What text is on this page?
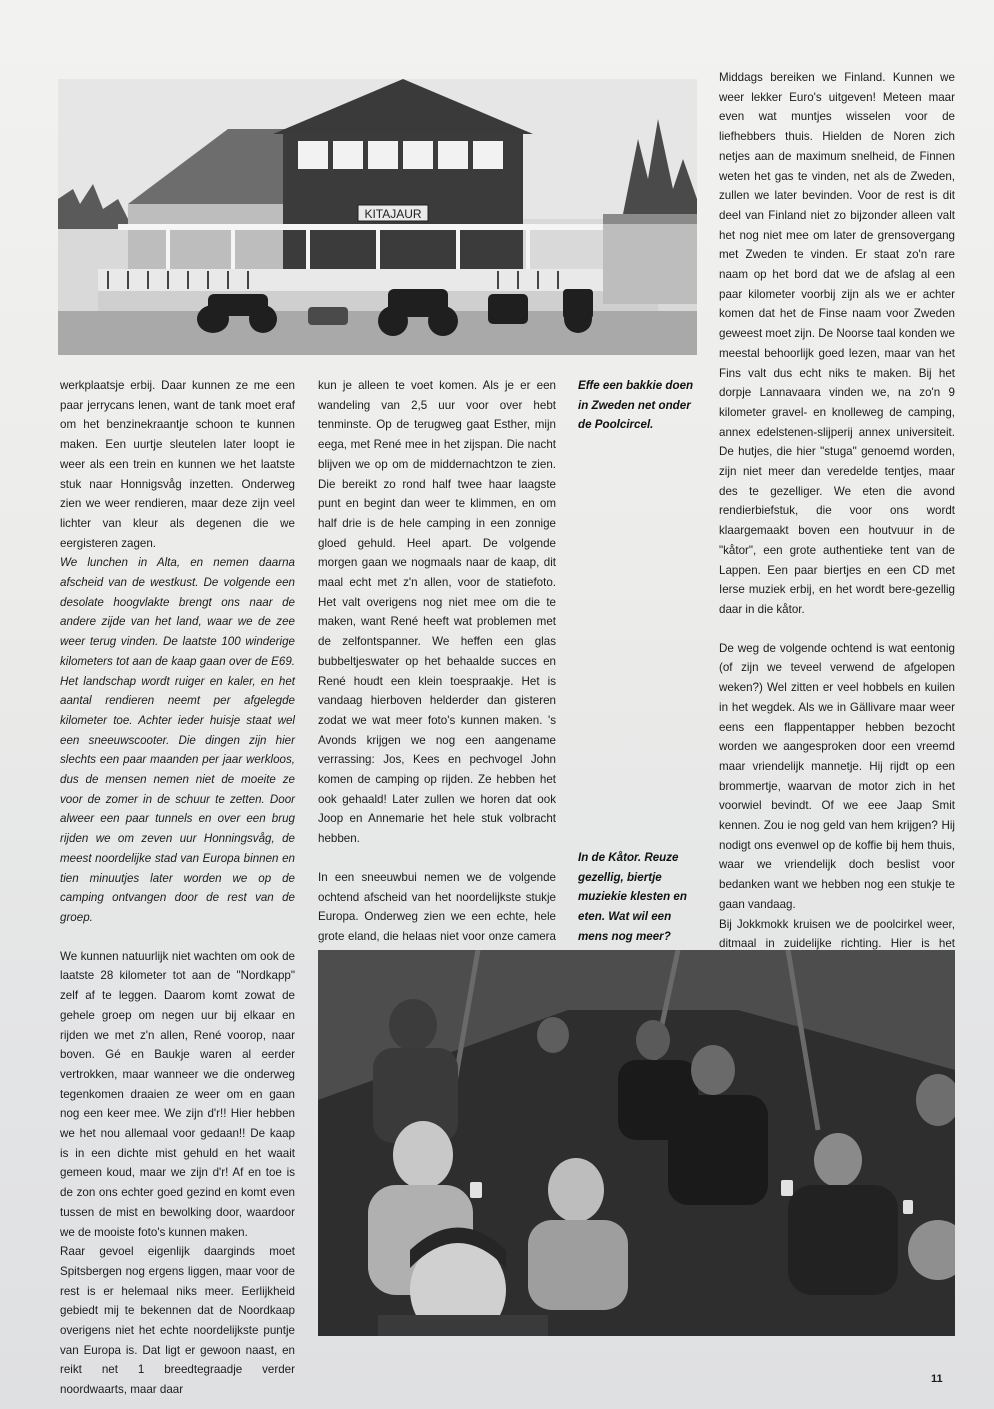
KITAJAUR

werkplaatsje erbij. Daar kunnen ze me een paar jerrycans lenen, want de tank moet eraf om het benzinekraantje schoon te kunnen maken. Een uurtje sleutelen later loopt ie weer als een trein en kunnen we het laatste stuk naar Honnigsvåg inzetten. Onderweg zien we weer rendieren, maar deze zijn veel lichter van kleur als degenen die we eergisteren zagen.

We lunchen in Alta, en nemen daarna afscheid van de westkust. De volgende een desolate hoogvlakte brengt ons naar de andere zijde van het land, waar we de zee weer terug vinden. De laatste 100 winderige kilometers tot aan de kaap gaan over de E69. Het landschap wordt ruiger en kaler, en het aantal rendieren neemt per afgelegde kilometer toe. Achter ieder huisje staat wel een sneeuwscooter. Die dingen zijn hier slechts een paar maanden per jaar werkloos, dus de mensen nemen niet de moeite ze voor de zomer in de schuur te zetten. Door alweer een paar tunnels en over een brug rijden we om zeven uur Honningsvåg, de meest noordelijke stad van Europa binnen en tien minuutjes later worden we op de camping ontvangen door de rest van de groep.

We kunnen natuurlijk niet wachten om ook de laatste 28 kilometer tot aan de "Nordkapp" zelf af te leggen. Daarom komt zowat de gehele groep om negen uur bij elkaar en rijden we met z'n allen, René voorop, naar boven. Gé en Baukje waren al eerder vertrokken, maar wanneer we die onderweg tegenkomen draaien ze weer om en gaan nog een keer mee. We zijn d'r!! Hier hebben we het nou allemaal voor gedaan!! De kaap is in een dichte mist gehuld en het waait gemeen koud, maar we zijn d'r! Af en toe is de zon ons echter goed gezind en komt even tussen de mist en bewolking door, waardoor we de mooiste foto's kunnen maken.

Raar gevoel eigenlijk daarginds moet Spitsbergen nog ergens liggen, maar voor de rest is er helemaal niks meer. Eerlijkheid gebiedt mij te bekennen dat de Noordkaap overigens niet het echte noordelijkste puntje van Europa is. Dat ligt er gewoon naast, en reikt net 1 breedtegraadje verder noordwaarts, maar daar

kun je alleen te voet komen. Als je er een wandeling van 2,5 uur voor over hebt tenminste. Op de terugweg gaat Esther, mijn eega, met René mee in het zijspan. Die nacht blijven we op om de middernachtzon te zien. Die bereikt zo rond half twee haar laagste punt en begint dan weer te klimmen, en om half drie is de hele camping in een zonnige gloed gehuld. Heel apart. De volgende morgen gaan we nogmaals naar de kaap, dit maal echt met z'n allen, voor de statiefoto. Het valt overigens nog niet mee om die te maken, want René heeft wat problemen met de zelfontspanner. We heffen een glas bubbeltjeswater op het behaalde succes en René houdt een klein toespraakje. Het is vandaag hierboven helderder dan gisteren zodat we wat meer foto's kunnen maken. 's Avonds krijgen we nog een aangename verrassing: Jos, Kees en pechvogel John komen de camping op rijden. Ze hebben het ook gehaald! Later zullen we horen dat ook Joop en Annemarie het hele stuk volbracht hebben.

In een sneeuwbui nemen we de volgende ochtend afscheid van het noordelijkste stukje Europa. Onderweg zien we een echte, hele grote eland, die helaas niet voor onze camera

Effe een bakkie doen in Zweden net onder de Poolcircel.
In de Kåtor. Reuze gezellig, biertje muziekie klesten en eten. Wat wil een mens nog meer?

Middags bereiken we Finland. Kunnen we weer lekker Euro's uitgeven! Meteen maar even wat muntjes wisselen voor de liefhebbers thuis. Hielden de Noren zich netjes aan de maximum snelheid, de Finnen weten het gas te vinden, net als de Zweden, zullen we later bevinden. Voor de rest is dit deel van Finland niet zo bijzonder alleen valt het nog niet mee om later de grensovergang met Zweden te vinden. Er staat zo'n rare naam op het bord dat we de afslag al een paar kilometer voorbij zijn als we er achter komen dat het de Finse naam voor Zweden geweest moet zijn. De Noorse taal konden we meestal behoorlijk goed lezen, maar van het Fins valt dus echt niks te maken. Bij het dorpje Lannavaara vinden we, na zo'n 9 kilometer gravel- en knolleweg de camping, annex edelstenen-slijperij annex universiteit. De hutjes, die hier "stuga" genoemd worden, zijn niet meer dan veredelde tentjes, maar des te gezelliger. We eten die avond rendierbiefstuk, die voor ons wordt klaargemaakt boven een houtvuur in de "kåtor", een grote authentieke tent van de Lappen. Een paar biertjes en een CD met Ierse muziek erbij, en het wordt bere-gezellig daar in die kåtor.

De weg de volgende ochtend is wat eentonig (of zijn we teveel verwend de afgelopen weken?) Wel zitten er veel hobbels en kuilen in het wegdek. Als we in Gällivare maar weer eens een flappentapper hebben bezocht worden we aangesproken door een vreemd maar vriendelijk mannetje. Hij rijdt op een brommertje, waarvan de motor zich in het voorwiel bevindt. Of we eee Jaap Smit kennen. Zou ie nog geld van hem krijgen? Hij nodigt ons evenwel op de koffie bij hem thuis, waar we vriendelijk doch beslist voor bedanken want we hebben nog een stukje te gaan vandaag.

Bij Jokkmokk kruisen we de poolcirkel weer, ditmaal in zuidelijke richting. Hier is het

11
